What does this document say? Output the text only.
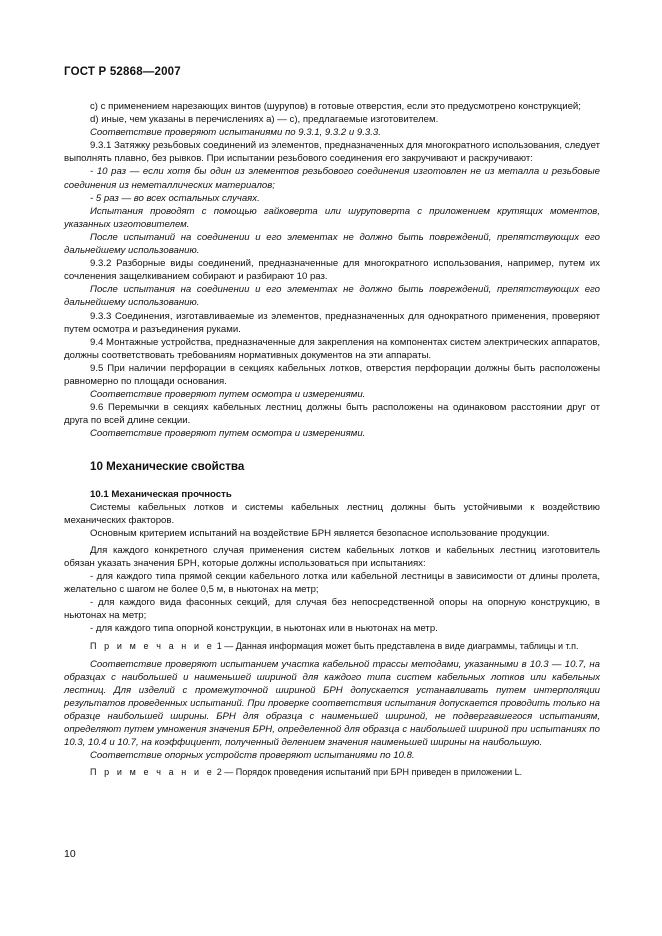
ГОСТ Р 52868—2007

с) с применением нарезающих винтов (шурупов) в готовые отверстия, если это предусмотрено конструкцией;

d) иные, чем указаны в перечислениях а) — с), предлагаемые изготовителем.

Соответствие проверяют испытаниями по 9.3.1, 9.3.2 и 9.3.3.

9.3.1 Затяжку резьбовых соединений из элементов, предназначенных для многократного использования, следует выполнять плавно, без рывков. При испытании резьбового соединения его закручивают и раскручивают:

- 10 раз — если хотя бы один из элементов резьбового соединения изготовлен не из металла и резьбовые соединения из неметаллических материалов;

- 5 раз — во всех остальных случаях.

Испытания проводят с помощью гайковерта или шуруповерта с приложением крутящих моментов, указанных изготовителем.

После испытаний на соединении и его элементах не должно быть повреждений, препятствующих его дальнейшему использованию.

9.3.2 Разборные виды соединений, предназначенные для многократного использования, например, путем их сочленения защелкиванием собирают и разбирают 10 раз.

После испытания на соединении и его элементах не должно быть повреждений, препятствующих его дальнейшему использованию.

9.3.3 Соединения, изготавливаемые из элементов, предназначенных для однократного применения, проверяют путем осмотра и разъединения руками.

9.4 Монтажные устройства, предназначенные для закрепления на компонентах систем электрических аппаратов, должны соответствовать требованиям нормативных документов на эти аппараты.

9.5 При наличии перфорации в секциях кабельных лотков, отверстия перфорации должны быть расположены равномерно по площади основания.

Соответствие проверяют путем осмотра и измерениями.

9.6 Перемычки в секциях кабельных лестниц должны быть расположены на одинаковом расстоянии друг от друга по всей длине секции.

Соответствие проверяют путем осмотра и измерениями.

10 Механические свойства

10.1 Механическая прочность

Системы кабельных лотков и системы кабельных лестниц должны быть устойчивыми к воздействию механических факторов.

Основным критерием испытаний на воздействие БРН является безопасное использование продукции.

Для каждого конкретного случая применения систем кабельных лотков и кабельных лестниц изготовитель обязан указать значения БРН, которые должны использоваться при испытаниях:

- для каждого типа прямой секции кабельного лотка или кабельной лестницы в зависимости от длины пролета, желательно с шагом не более 0,5 м, в ньютонах на метр;

- для каждого вида фасонных секций, для случая без непосредственной опоры на опорную конструкцию, в ньютонах на метр;

- для каждого типа опорной конструкции, в ньютонах или в ньютонах на метр.

П р и м е ч а н и е 1 — Данная информация может быть представлена в виде диаграммы, таблицы и т.п.

Соответствие проверяют испытанием участка кабельной трассы методами, указанными в 10.3 — 10.7, на образцах с наибольшей и наименьшей шириной для каждого типа систем кабельных лотков или кабельных лестниц. Для изделий с промежуточной шириной БРН допускается устанавливать путем интерполяции результатов проведенных испытаний. При проверке соответствия испытания допускается проводить только на образце наибольшей ширины. БРН для образца с наименьшей шириной, не подвергавшегося испытаниям, определяют путем умножения значения БРН, определенной для образца с наибольшей шириной при испытаниях по 10.3, 10.4 и 10.7, на коэффициент, полученный делением значения наименьшей ширины на наибольшую.

Соответствие опорных устройств проверяют испытаниями по 10.8.

П р и м е ч а н и е 2 — Порядок проведения испытаний при БРН приведен в приложении L.

10
